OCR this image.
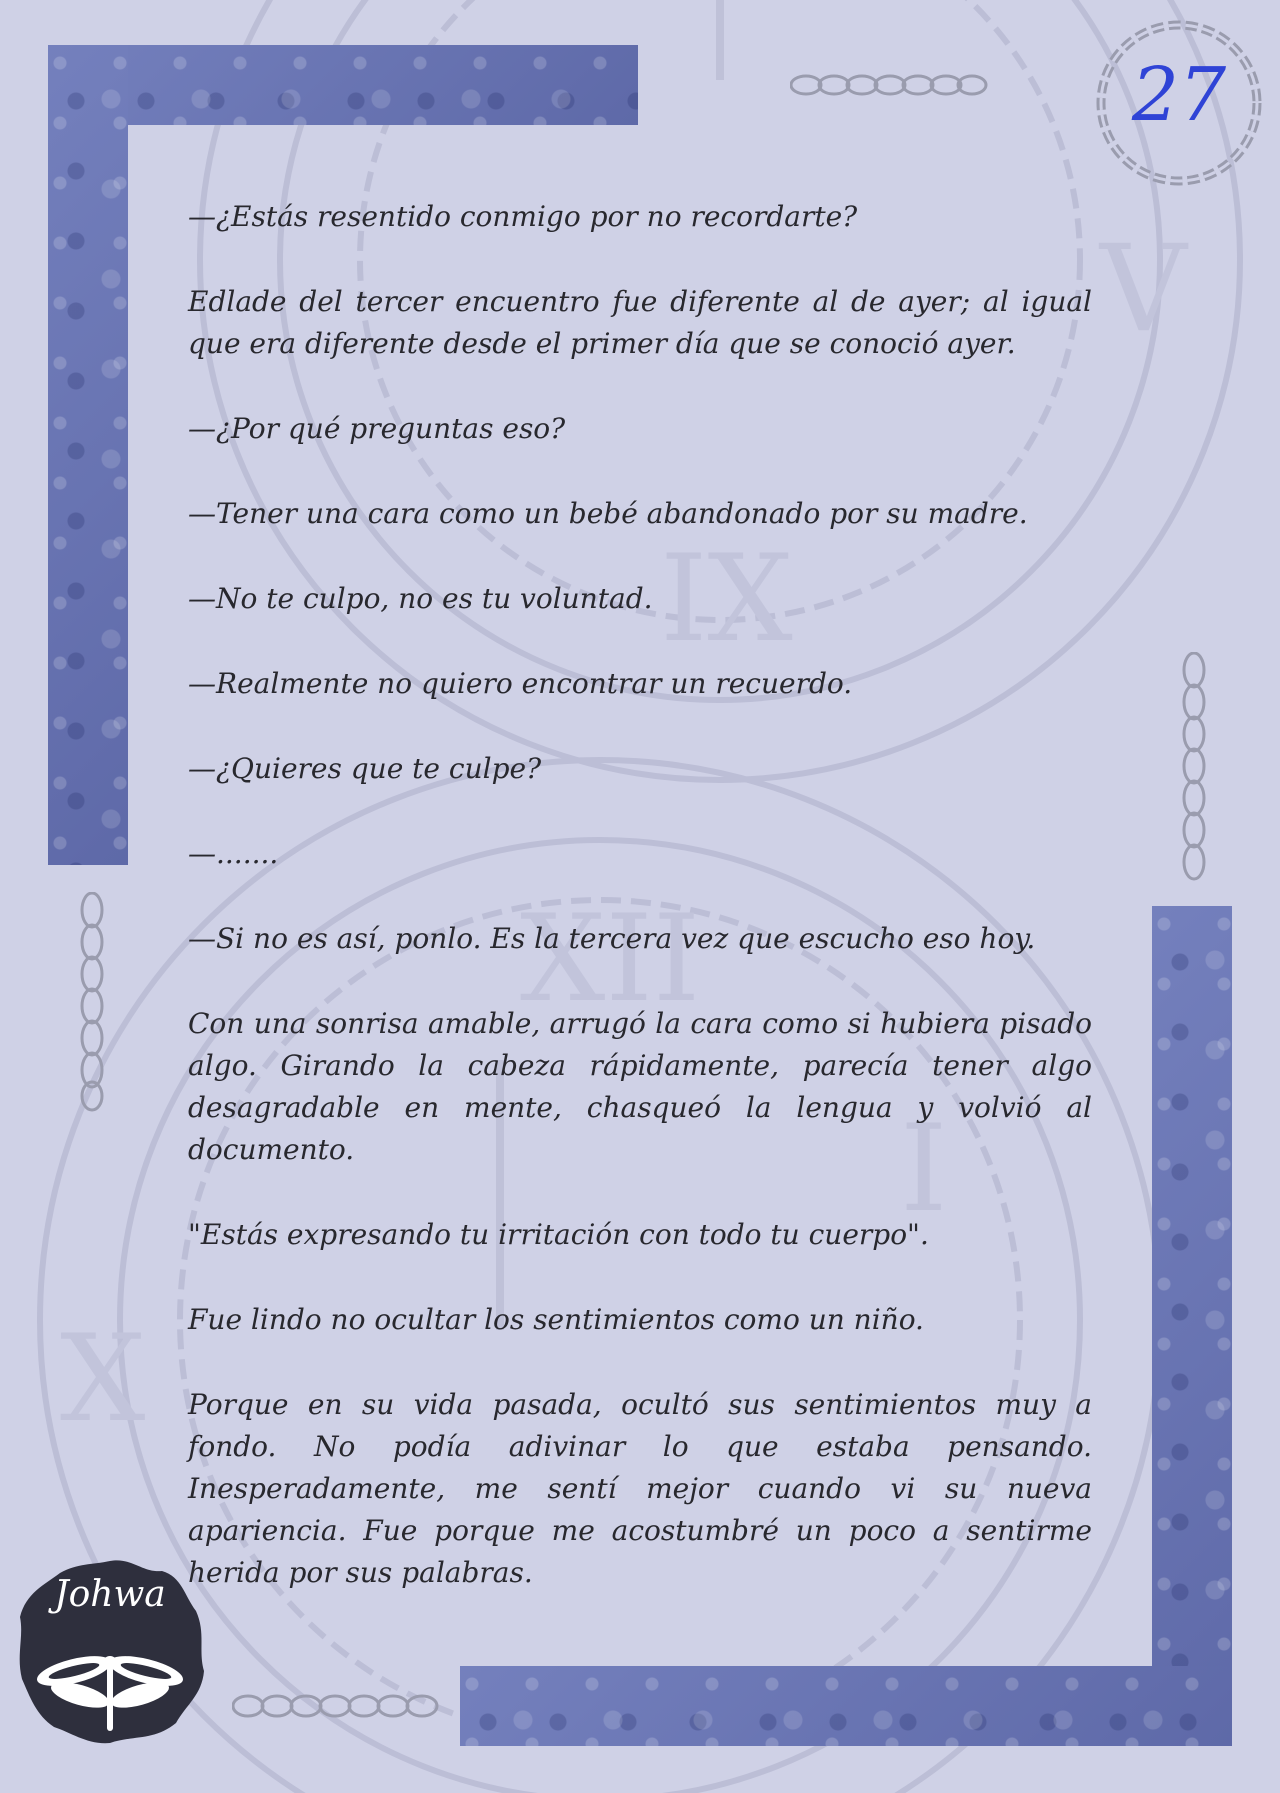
IX
XII
I
X
V
27

—¿Estás resentido conmigo por no recordarte?

Edlade del tercer encuentro fue diferente al de ayer; al igual que era diferente desde el primer día que se conoció ayer.

—¿Por qué preguntas eso?

—Tener una cara como un bebé abandonado por su madre.

—No te culpo, no es tu voluntad.

—Realmente no quiero encontrar un recuerdo.

—¿Quieres que te culpe?

—.......

—Si no es así, ponlo. Es la tercera vez que escucho eso hoy.

Con una sonrisa amable, arrugó la cara como si hubiera pisado algo. Girando la cabeza rápidamente, parecía tener algo desagradable en mente, chasqueó la lengua y volvió al documento.

"Estás expresando tu irritación con todo tu cuerpo".

Fue lindo no ocultar los sentimientos como un niño.

Porque en su vida pasada, ocultó sus sentimientos muy a fondo. No podía adivinar lo que estaba pensando. Inesperadamente, me sentí mejor cuando vi su nueva apariencia. Fue porque me acostumbré un poco a sentirme herida por sus palabras.

Johwa
